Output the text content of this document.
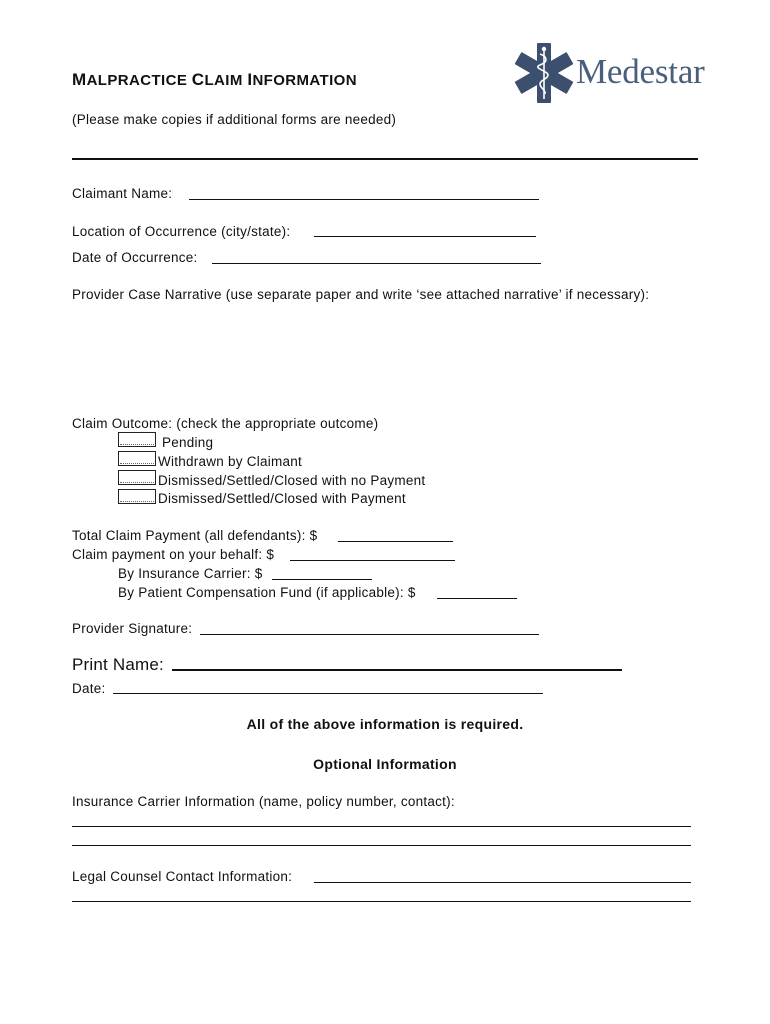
MALPRACTICE CLAIM INFORMATION	Medestar
(Please make copies if additional forms are needed)
Claimant Name:
Location of Occurrence (city/state):
Date of Occurrence:
Provider Case Narrative (use separate paper and write ‘see attached narrative’ if necessary):
Claim Outcome: (check the appropriate outcome)
Pending
Withdrawn by Claimant
Dismissed/Settled/Closed with no Payment
Dismissed/Settled/Closed with Payment
Total Claim Payment (all defendants): $
Claim payment on your behalf: $
By Insurance Carrier: $
By Patient Compensation Fund (if applicable): $
Provider Signature:
Print Name:
Date:
All of the above information is required.
Optional Information
Insurance Carrier Information (name, policy number, contact):
Legal Counsel Contact Information:
